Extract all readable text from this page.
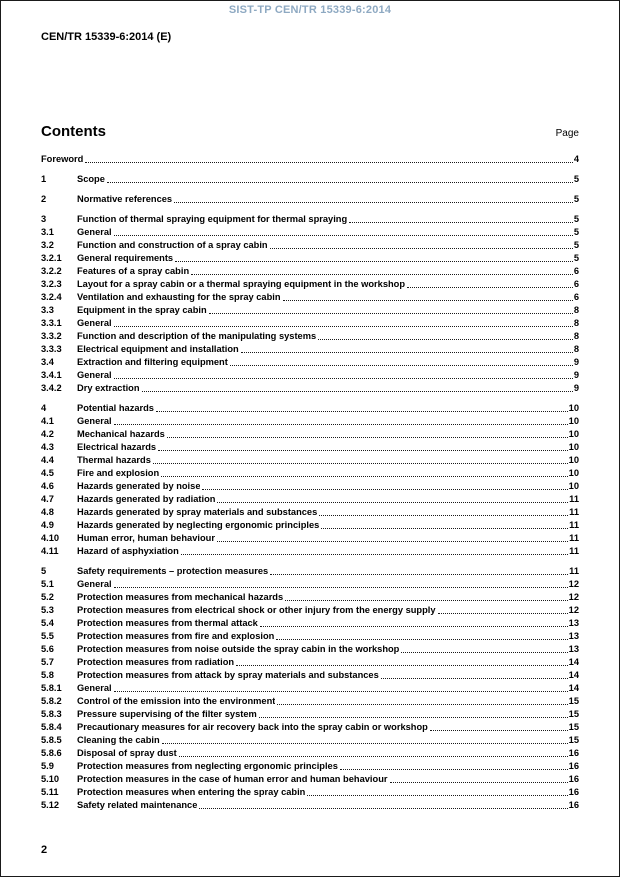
SIST-TP CEN/TR 15339-6:2014
CEN/TR 15339-6:2014 (E)
Contents	Page
Foreword	4
1	Scope	5
2	Normative references	5
3	Function of thermal spraying equipment for thermal spraying	5
3.1	General	5
3.2	Function and construction of a spray cabin	5
3.2.1	General requirements	5
3.2.2	Features of a spray cabin	6
3.2.3	Layout for a spray cabin or a thermal spraying equipment in the workshop	6
3.2.4	Ventilation and exhausting for the spray cabin	6
3.3	Equipment in the spray cabin	8
3.3.1	General	8
3.3.2	Function and description of the manipulating systems	8
3.3.3	Electrical equipment and installation	8
3.4	Extraction and filtering equipment	9
3.4.1	General	9
3.4.2	Dry extraction	9
4	Potential hazards	10
4.1	General	10
4.2	Mechanical hazards	10
4.3	Electrical hazards	10
4.4	Thermal hazards	10
4.5	Fire and explosion	10
4.6	Hazards generated by noise	10
4.7	Hazards generated by radiation	11
4.8	Hazards generated by spray materials and substances	11
4.9	Hazards generated by neglecting ergonomic principles	11
4.10	Human error, human behaviour	11
4.11	Hazard of asphyxiation	11
5	Safety requirements – protection measures	11
5.1	General	12
5.2	Protection measures from mechanical hazards	12
5.3	Protection measures from electrical shock or other injury from the energy supply	12
5.4	Protection measures from thermal attack	13
5.5	Protection measures from fire and explosion	13
5.6	Protection measures from noise outside the spray cabin in the workshop	13
5.7	Protection measures from radiation	14
5.8	Protection measures from attack by spray materials and substances	14
5.8.1	General	14
5.8.2	Control of the emission into the environment	15
5.8.3	Pressure supervising of the filter system	15
5.8.4	Precautionary measures for air recovery back into the spray cabin or workshop	15
5.8.5	Cleaning the cabin	15
5.8.6	Disposal of spray dust	16
5.9	Protection measures from neglecting ergonomic principles	16
5.10	Protection measures in the case of human error and human behaviour	16
5.11	Protection measures when entering the spray cabin	16
5.12	Safety related maintenance	16
2
